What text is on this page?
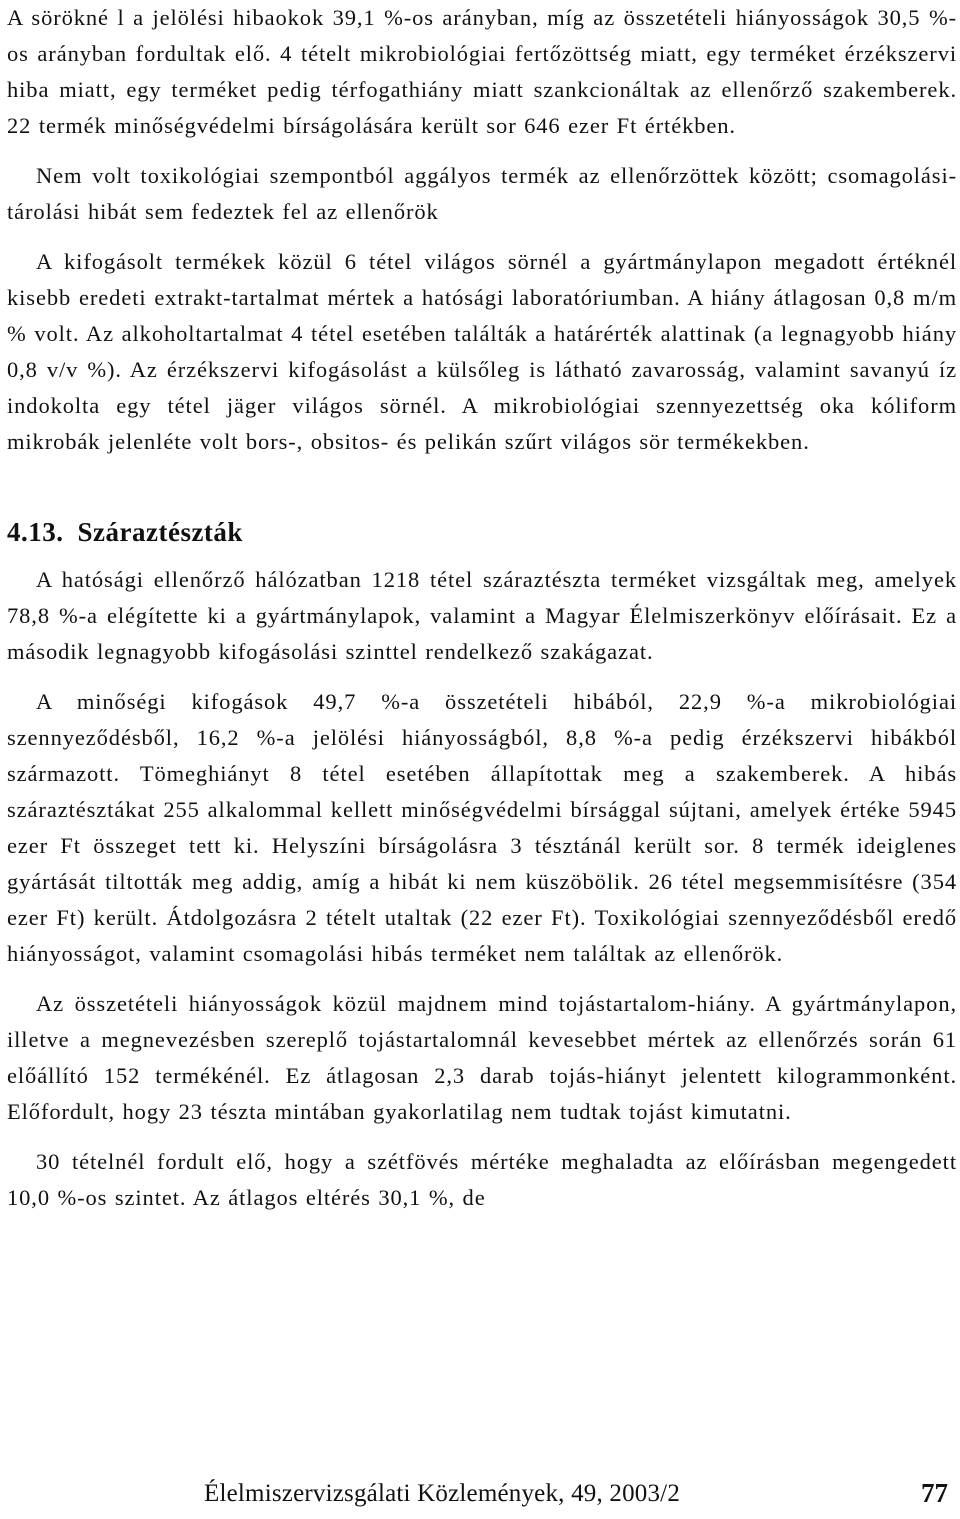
A sörökné l a jelölési hibaokok 39,1 %-os arányban, míg az összetételi hiányosságok 30,5 %-os arányban fordultak elő. 4 tételt mikrobiológiai fertőzöttség miatt, egy terméket érzékszervi hiba miatt, egy terméket pedig térfogathiány miatt szankcionáltak az ellenőrző szakemberek. 22 termék minőségvédelmi bírságolására került sor 646 ezer Ft értékben.

Nem volt toxikológiai szempontból aggályos termék az ellenőrzöttek között; csomagolási-tárolási hibát sem fedeztek fel az ellenőrök

A kifogásolt termékek közül 6 tétel világos sörnél a gyártmánylapon megadott értéknél kisebb eredeti extrakt-tartalmat mértek a hatósági laboratóriumban. A hiány átlagosan 0,8 m/m % volt. Az alkoholtartalmat 4 tétel esetében találták a határérték alattinak (a legnagyobb hiány 0,8 v/v %). Az érzékszervi kifogásolást a külsőleg is látható zavarosság, valamint savanyú íz indokolta egy tétel jäger világos sörnél. A mikrobiológiai szennyezettség oka kóliform mikrobák jelenléte volt bors-, obsitos- és pelikán szűrt világos sör termékekben.

4.13. Száraztészták

A hatósági ellenőrző hálózatban 1218 tétel száraztészta terméket vizsgáltak meg, amelyek 78,8 %-a elégítette ki a gyártmánylapok, valamint a Magyar Élelmiszerkönyv előírásait. Ez a második legnagyobb kifogásolási szinttel rendelkező szakágazat.

A minőségi kifogások 49,7 %-a összetételi hibából, 22,9 %-a mikrobiológiai szennyeződésből, 16,2 %-a jelölési hiányosságból, 8,8 %-a pedig érzékszervi hibákból származott. Tömeghiányt 8 tétel esetében állapítottak meg a szakemberek. A hibás száraztésztákat 255 alkalommal kellett minőségvédelmi bírsággal sújtani, amelyek értéke 5945 ezer Ft összeget tett ki. Helyszíni bírságolásra 3 tésztánál került sor. 8 termék ideiglenes gyártását tiltották meg addig, amíg a hibát ki nem küszöbölik. 26 tétel megsemmisítésre (354 ezer Ft) került. Átdolgozásra 2 tételt utaltak (22 ezer Ft). Toxikológiai szennyeződésből eredő hiányosságot, valamint csomagolási hibás terméket nem találtak az ellenőrök.

Az összetételi hiányosságok közül majdnem mind tojástartalom-hiány. A gyártmánylapon, illetve a megnevezésben szereplő tojástartalomnál kevesebbet mértek az ellenőrzés során 61 előállító 152 termékénél. Ez átlagosan 2,3 darab tojás-hiányt jelentett kilogrammonként. Előfordult, hogy 23 tészta mintában gyakorlatilag nem tudtak tojást kimutatni.

30 tételnél fordult elő, hogy a szétfövés mértéke meghaladta az előírásban megengedett 10,0 %-os szintet. Az átlagos eltérés 30,1 %, de

Élelmiszervizsgálati Közlemények, 49, 2003/2	77
